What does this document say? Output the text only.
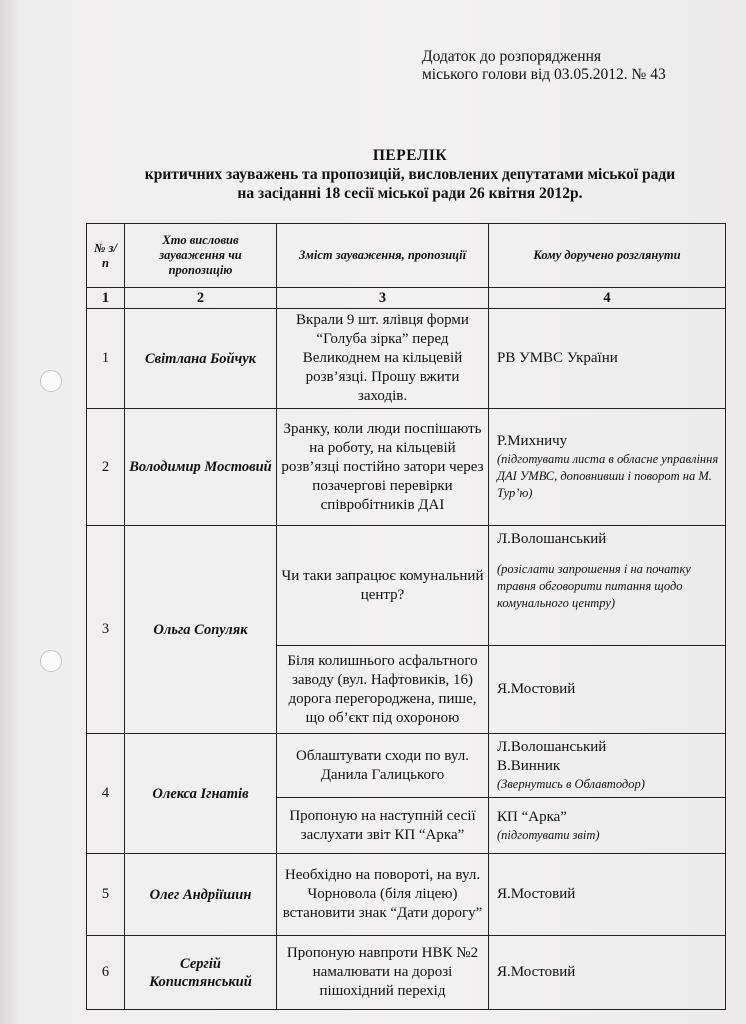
Додаток до розпорядження
міського голови від 03.05.2012. № 43
ПЕРЕЛІК
критичних зауважень та пропозицій, висловлених депутатами міської ради
на засіданні 18 сесії міської ради 26 квітня 2012р.
№ з/п	Хто висловив зауваження чи пропозицію	Зміст зауваження, пропозиції	Кому доручено розглянути
1	2	3	4
1	Світлана Бойчук	Вкрали 9 шт. ялівця форми “Голуба зірка” перед Великоднем на кільцевій розв’язці. Прошу вжити заходів.	РВ УМВС України
2	Володимир Мостовий	Зранку, коли люди поспішають на роботу, на кільцевій розв’язці постійно затори через позачергові перевірки співробітників ДАІ	Р.Михничу
(підготувати листа в обласне управління ДАІ УМВС, доповнивши і поворот на М. Тур’ю)

3	Ольга Сопуляк	Чи таки запрацює комунальний центр?	Л.Волошанський
(розіслати запрошення і на початку травня обговорити питання щодо комунального центру)

		Біля колишнього асфальтного заводу (вул. Нафтовиків, 16) дорога перегороджена, пише, що об’єкт під охороною	Я.Мостовий
4	Олекса Ігнатів	Облаштувати сходи по вул. Данила Галицького	Л.Волошанський
В.Винник
(Звернутись в Облавтодор)

		Пропоную на наступній сесії заслухати звіт КП “Арка”	КП “Арка”
(підготувати звіт)

5	Олег Андріїшин	Необхідно на повороті, на вул. Чорновола (біля ліцею) встановити знак “Дати дорогу”	Я.Мостовий
6	Сергій Копистянський	Пропоную навпроти НВК №2 намалювати на дорозі пішохідний перехід	Я.Мостовий
